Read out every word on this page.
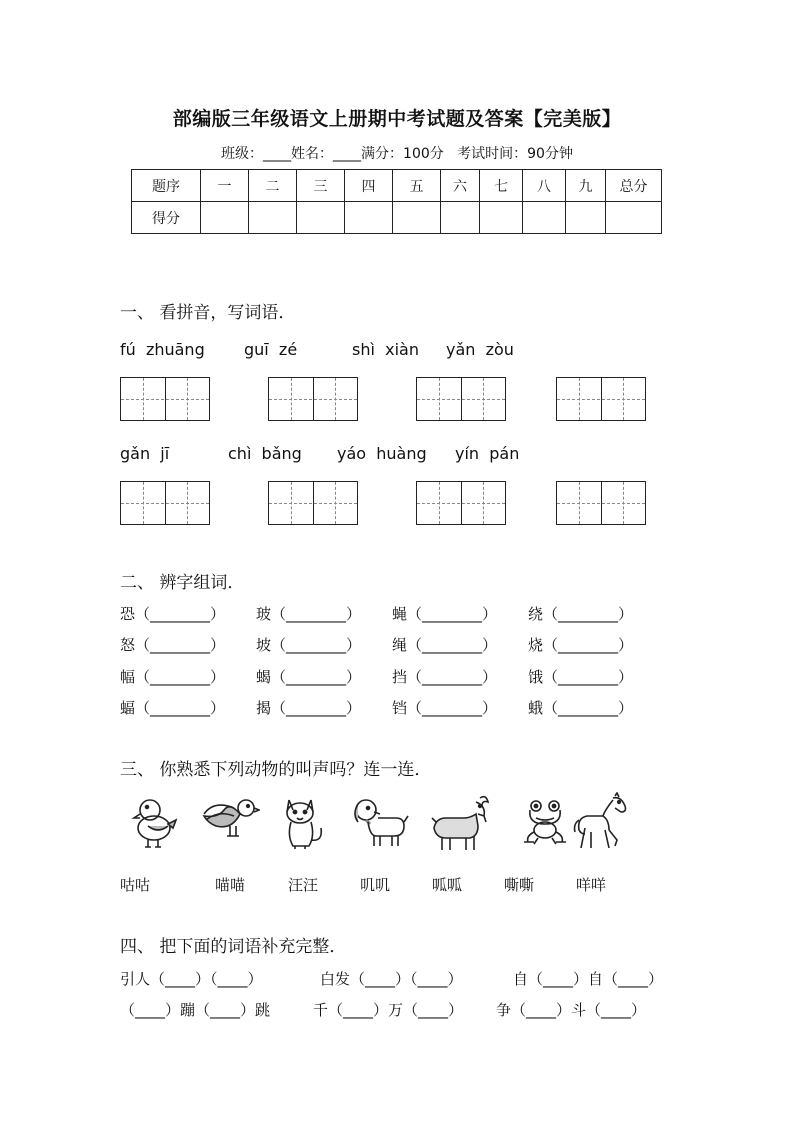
部编版三年级语文上册期中考试题及答案【完美版】
班级：____姓名：____满分：100分 考试时间：90分钟
题序	一	二	三	四	五	六	七	八	九	总分
得分										
一、 看拼音，写词语．
fú  zhuāng guī  zé	shì  xiàn yǎn  zòu
gǎn  jī	chì  bǎng yáo  huàng yín  pán
二、 辨字组词．
恐（________） 玻（________） 蝇（________） 绕（________）
怒（________） 坡（________） 绳（________） 烧（________）
幅（________） 蝎（________） 挡（________） 饿（________）
蝠（________） 揭（________） 铛（________） 蛾（________）
三、 你熟悉下列动物的叫声吗？连一连．
咕咕	喵喵	汪汪	叽叽	呱呱	嘶嘶	咩咩
四、 把下面的词语补充完整．
引人（____）（____）	白发（____）（____）	自（____）自（____）
（____）蹦（____）跳	千（____）万（____） 争（____）斗（____）
